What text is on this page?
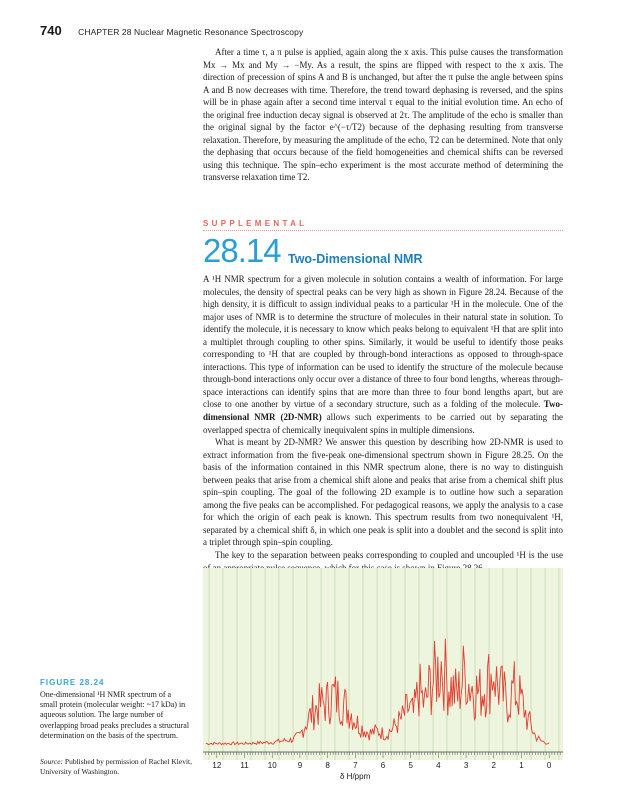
740 CHAPTER 28 Nuclear Magnetic Resonance Spectroscopy

After a time τ, a π pulse is applied, again along the x axis. This pulse causes the transformation Mx → Mx and My → −My. As a result, the spins are flipped with respect to the x axis. The direction of precession of spins A and B is unchanged, but after the π pulse the angle between spins A and B now decreases with time. Therefore, the trend toward dephasing is reversed, and the spins will be in phase again after a second time interval τ equal to the initial evolution time. An echo of the original free induction decay signal is observed at 2τ. The amplitude of the echo is smaller than the original signal by the factor e^(−τ/T2) because of the dephasing resulting from transverse relaxation. Therefore, by measuring the amplitude of the echo, T2 can be determined. Note that only the dephasing that occurs because of the field homogeneities and chemical shifts can be reversed using this technique. The spin–echo experiment is the most accurate method of determining the transverse relaxation time T2.

SUPPLEMENTAL
28.14 Two-Dimensional NMR

A ¹H NMR spectrum for a given molecule in solution contains a wealth of information. For large molecules, the density of spectral peaks can be very high as shown in Figure 28.24. Because of the high density, it is difficult to assign individual peaks to a particular ¹H in the molecule. One of the major uses of NMR is to determine the structure of molecules in their natural state in solution. To identify the molecule, it is necessary to know which peaks belong to equivalent ¹H that are split into a multiplet through coupling to other spins. Similarly, it would be useful to identify those peaks corresponding to ¹H that are coupled by through-bond interactions as opposed to through-space interactions. This type of information can be used to identify the structure of the molecule because through-bond interactions only occur over a distance of three to four bond lengths, whereas through-space interactions can identify spins that are more than three to four bond lengths apart, but are close to one another by virtue of a secondary structure, such as a folding of the molecule. Two-dimensional NMR (2D-NMR) allows such experiments to be carried out by separating the overlapped spectra of chemically inequivalent spins in multiple dimensions.

What is meant by 2D-NMR? We answer this question by describing how 2D-NMR is used to extract information from the five-peak one-dimensional spectrum shown in Figure 28.25. On the basis of the information contained in this NMR spectrum alone, there is no way to distinguish between peaks that arise from a chemical shift alone and peaks that arise from a chemical shift plus spin–spin coupling. The goal of the following 2D example is to outline how such a separation among the five peaks can be accomplished. For pedagogical reasons, we apply the analysis to a case for which the origin of each peak is known. This spectrum results from two nonequivalent ¹H, separated by a chemical shift δ, in which one peak is split into a doublet and the second is split into a triplet through spin–spin coupling.

The key to the separation between peaks corresponding to coupled and uncoupled ¹H is the use

12 11 10	9	8	7	6	5	4	3	2	1	0
δ H/ppm
FIGURE 28.24
One-dimensional ¹H NMR spectrum of a small protein (molecular weight: ~17 kDa) in aqueous solution. The large number of overlapping broad peaks precludes a structural determination on the basis of the spectrum.
Source: Published by permission of Rachel Klevit, University of Washington.
